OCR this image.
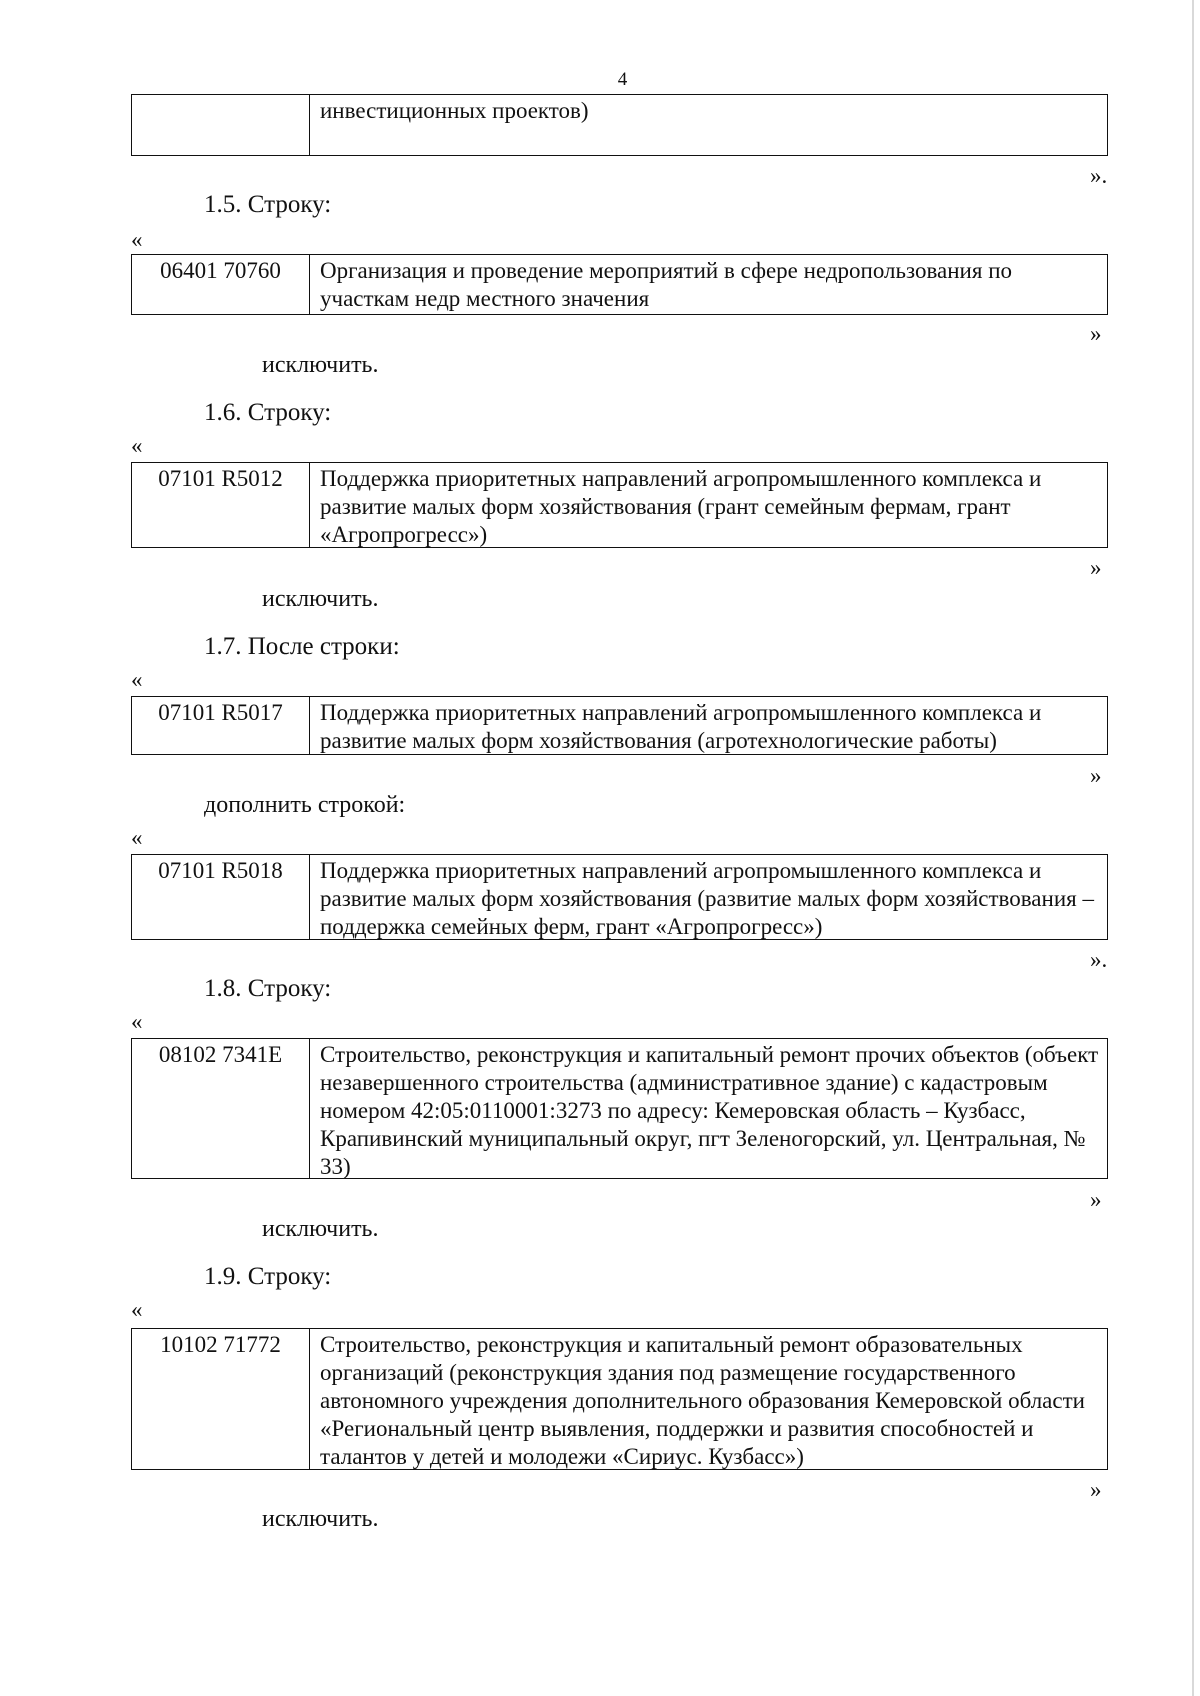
4
инвестиционных проектов)
».
1.5. Строку:
«
06401 70760	Организация и проведение мероприятий в сфере недропользования по участкам недр местного значения
»
исключить.
1.6. Строку:
«
07101 R5012	Поддержка приоритетных направлений агропромышленного комплекса и развитие малых форм хозяйствования (грант семейным фермам, грант «Агропрогресс»)
»
исключить.
1.7. После строки:
«
07101 R5017	Поддержка приоритетных направлений агропромышленного комплекса и развитие малых форм хозяйствования (агротехнологические работы)
»
дополнить строкой:
«
07101 R5018	Поддержка приоритетных направлений агропромышленного комплекса и развитие малых форм хозяйствования (развитие малых форм хозяйствования – поддержка семейных ферм, грант «Агропрогресс»)
».
1.8. Строку:
«
08102 7341Е	Строительство, реконструкция и капитальный ремонт прочих объектов (объект незавершенного строительства (административное здание) с кадастровым номером 42:05:0110001:3273 по адресу: Кемеровская область – Кузбасс, Крапивинский муниципальный округ, пгт Зеленогорский, ул. Центральная, № 33)
»
исключить.
1.9. Строку:
«
10102 71772	Строительство, реконструкция и капитальный ремонт образовательных организаций (реконструкция здания под размещение государственного автономного учреждения дополнительного образования Кемеровской области «Региональный центр выявления, поддержки и развития способностей и талантов у детей и молодежи «Сириус. Кузбасс»)
»
исключить.
